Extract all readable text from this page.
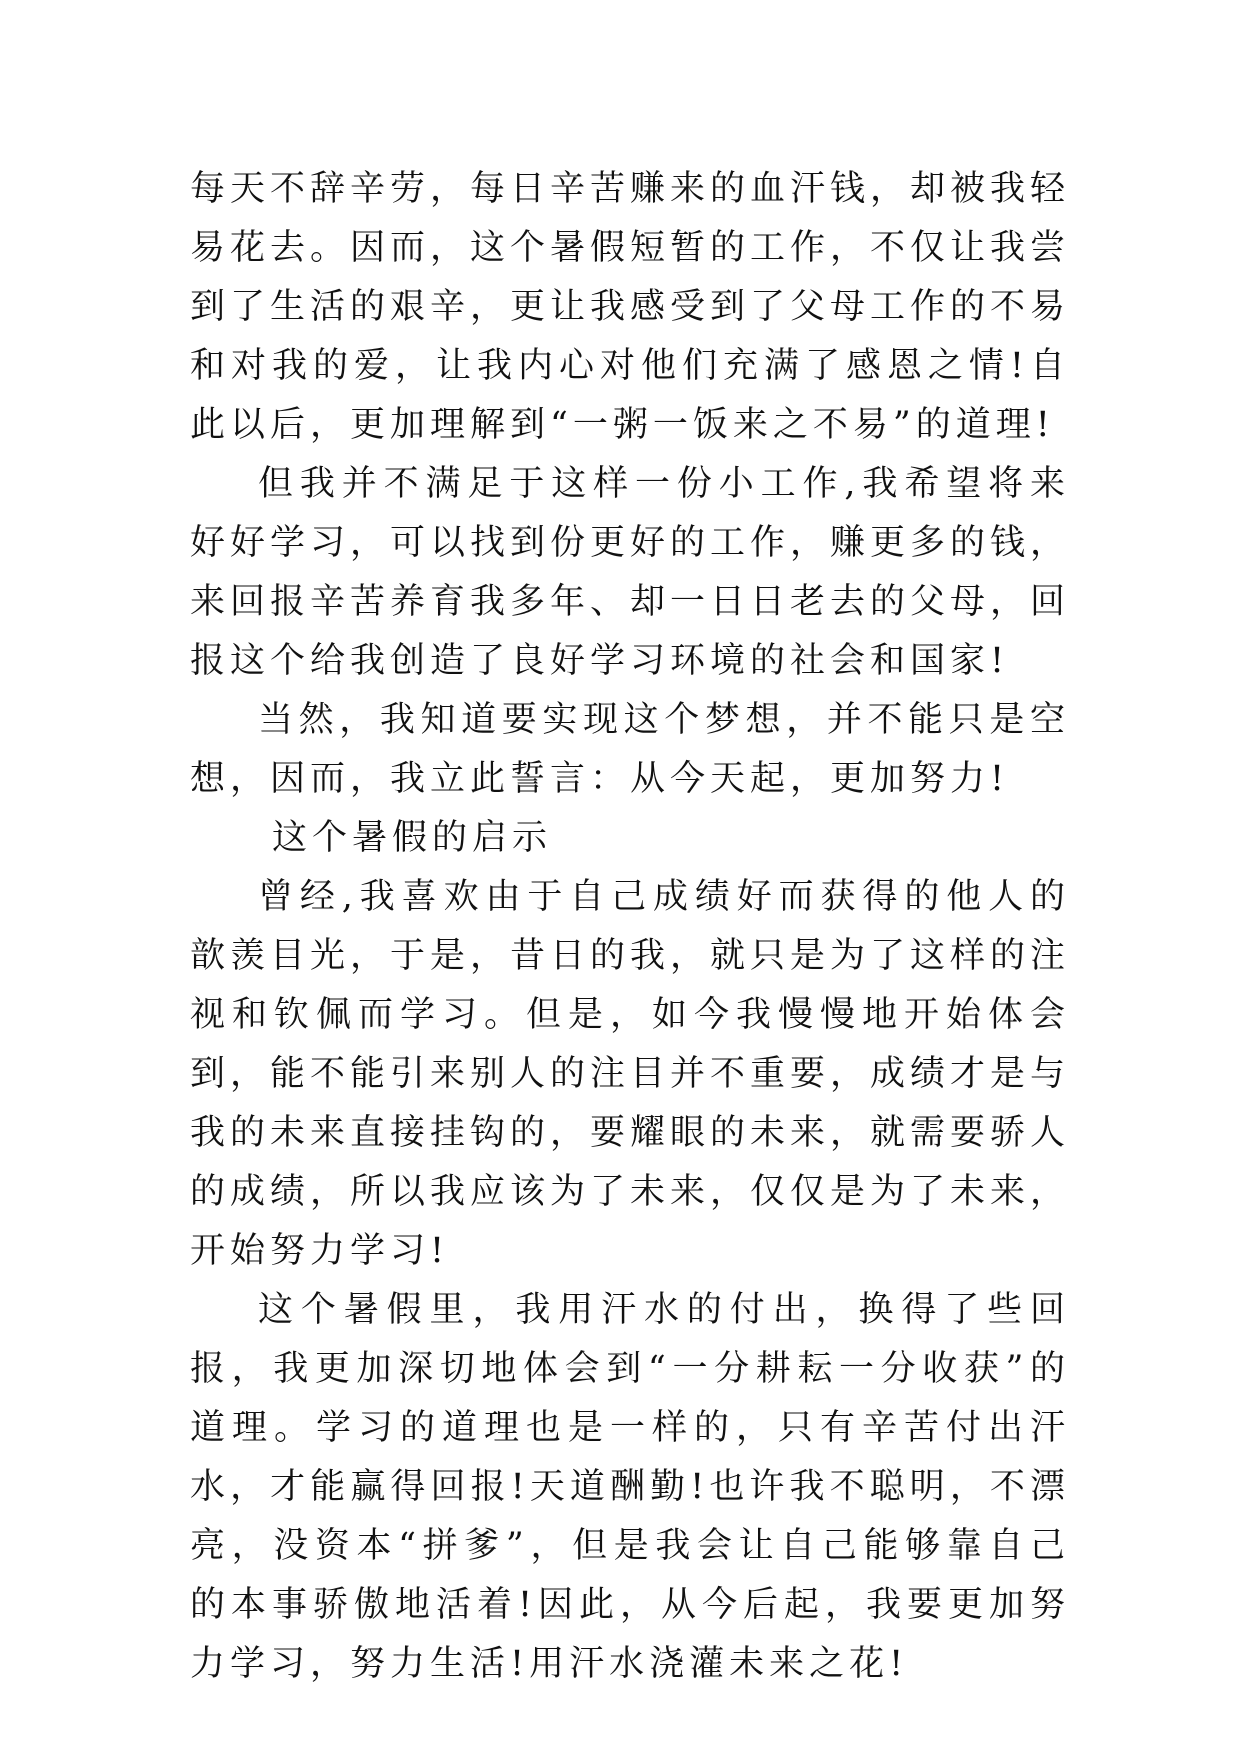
每天不辞辛劳，每日辛苦赚来的血汗钱，却被我轻易花去。因而，这个暑假短暂的工作，不仅让我尝到了生活的艰辛，更让我感受到了父母工作的不易和对我的爱，让我内心对他们充满了感恩之情!自此以后，更加理解到“一粥一饭来之不易”的道理!

但我并不满足于这样一份小工作,我希望将来好好学习，可以找到份更好的工作，赚更多的钱，来回报辛苦养育我多年、却一日日老去的父母，回报这个给我创造了良好学习环境的社会和国家!

当然，我知道要实现这个梦想，并不能只是空想，因而，我立此誓言：从今天起，更加努力!

这个暑假的启示

曾经,我喜欢由于自己成绩好而获得的他人的歆羡目光，于是，昔日的我，就只是为了这样的注视和钦佩而学习。但是，如今我慢慢地开始体会到，能不能引来别人的注目并不重要，成绩才是与我的未来直接挂钩的，要耀眼的未来，就需要骄人的成绩，所以我应该为了未来，仅仅是为了未来，开始努力学习!

这个暑假里，我用汗水的付出，换得了些回报，我更加深切地体会到“一分耕耘一分收获”的道理。学习的道理也是一样的，只有辛苦付出汗水，才能赢得回报!天道酬勤!也许我不聪明，不漂亮，没资本“拼爹”，但是我会让自己能够靠自己的本事骄傲地活着!因此，从今后起，我要更加努力学习，努力生活!用汗水浇灌未来之花!
